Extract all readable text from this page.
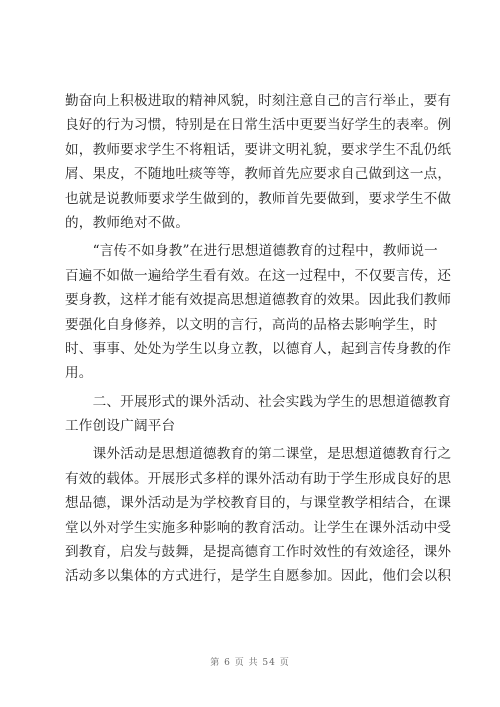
勤奋向上积极进取的精神风貌，时刻注意自己的言行举止，要有
良好的行为习惯，特别是在日常生活中更要当好学生的表率。例
如，教师要求学生不将粗话，要讲文明礼貌，要求学生不乱仍纸
屑、果皮，不随地吐痰等等，教师首先应要求自己做到这一点，
也就是说教师要求学生做到的，教师首先要做到，要求学生不做
的，教师绝对不做。
　　“言传不如身教”在进行思想道德教育的过程中，教师说一
百遍不如做一遍给学生看有效。在这一过程中，不仅要言传，还
要身教，这样才能有效提高思想道德教育的效果。因此我们教师
要强化自身修养，以文明的言行，高尚的品格去影响学生，时
时、事事、处处为学生以身立教，以德育人，起到言传身教的作
用。
　　二、开展形式的课外活动、社会实践为学生的思想道德教育
工作创设广阔平台
　　课外活动是思想道德教育的第二课堂，是思想道德教育行之
有效的载体。开展形式多样的课外活动有助于学生形成良好的思
想品德，课外活动是为学校教育目的，与课堂教学相结合，在课
堂以外对学生实施多种影响的教育活动。让学生在课外活动中受
到教育，启发与鼓舞，是提高德育工作时效性的有效途径，课外
活动多以集体的方式进行，是学生自愿参加。因此，他们会以积
第 6 页 共 54 页
